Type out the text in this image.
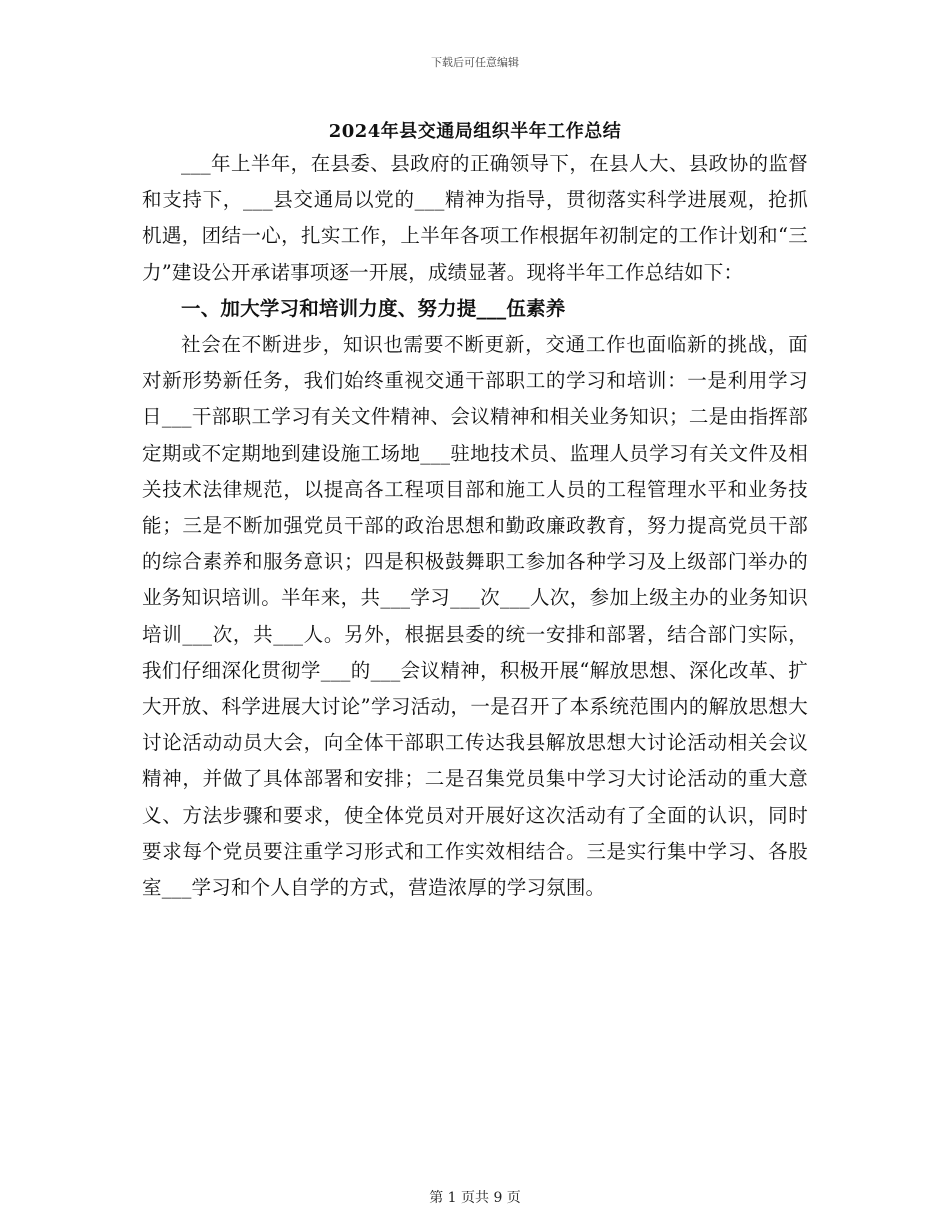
下载后可任意编辑
2024年县交通局组织半年工作总结

___年上半年，在县委、县政府的正确领导下，在县人大、县政协的监督和支持下，___县交通局以党的___精神为指导，贯彻落实科学进展观，抢抓机遇，团结一心，扎实工作，上半年各项工作根据年初制定的工作计划和“三力”建设公开承诺事项逐一开展，成绩显著。现将半年工作总结如下：

一、加大学习和培训力度、努力提___伍素养

社会在不断进步，知识也需要不断更新，交通工作也面临新的挑战，面对新形势新任务，我们始终重视交通干部职工的学习和培训：一是利用学习日___干部职工学习有关文件精神、会议精神和相关业务知识；二是由指挥部定期或不定期地到建设施工场地___驻地技术员、监理人员学习有关文件及相关技术法律规范，以提高各工程项目部和施工人员的工程管理水平和业务技能；三是不断加强党员干部的政治思想和勤政廉政教育，努力提高党员干部的综合素养和服务意识；四是积极鼓舞职工参加各种学习及上级部门举办的业务知识培训。半年来，共___学习___次___人次，参加上级主办的业务知识培训___次，共___人。另外，根据县委的统一安排和部署，结合部门实际，我们仔细深化贯彻学___的___会议精神，积极开展“解放思想、深化改革、扩大开放、科学进展大讨论”学习活动，一是召开了本系统范围内的解放思想大讨论活动动员大会，向全体干部职工传达我县解放思想大讨论活动相关会议精神，并做了具体部署和安排；二是召集党员集中学习大讨论活动的重大意义、方法步骤和要求，使全体党员对开展好这次活动有了全面的认识，同时要求每个党员要注重学习形式和工作实效相结合。三是实行集中学习、各股室___学习和个人自学的方式，营造浓厚的学习氛围。

第 1 页共 9 页
